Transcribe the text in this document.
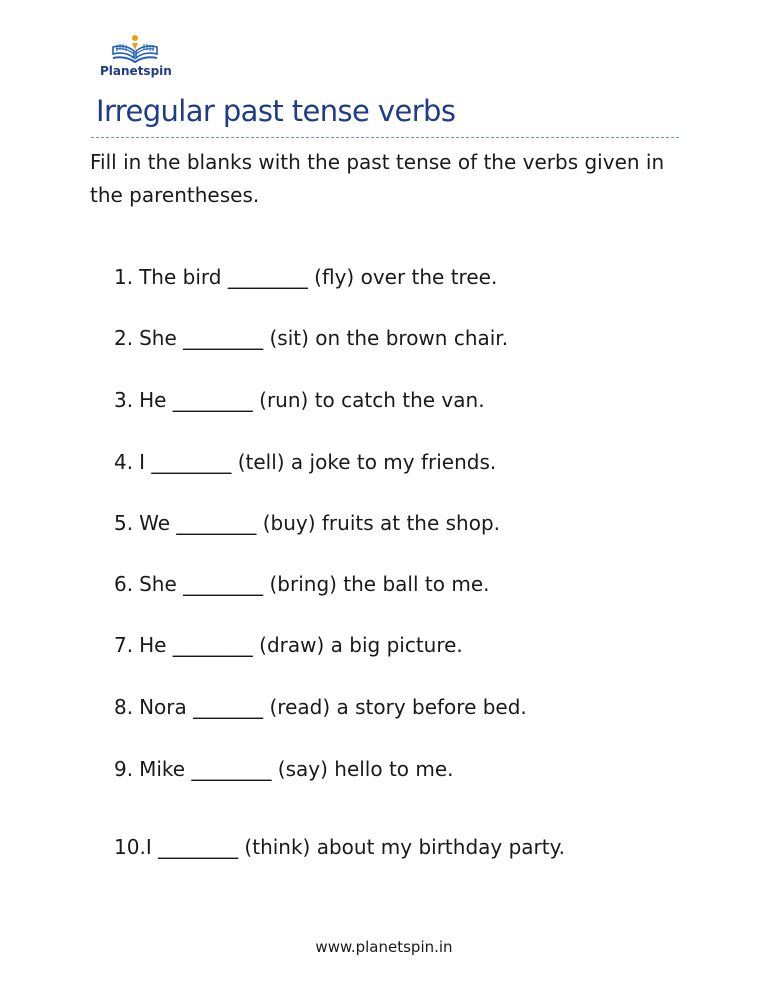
Planetspin
Irregular past tense verbs

Fill in the blanks with the past tense of the verbs given in the parentheses.

1. The bird ________ (fly) over the tree.
2. She ________ (sit) on the brown chair.
3. He ________ (run) to catch the van.
4. I ________ (tell) a joke to my friends.
5. We ________ (buy) fruits at the shop.
6. She ________ (bring) the ball to me.
7. He ________ (draw) a big picture.
8. Nora _______ (read) a story before bed.
9. Mike ________ (say) hello to me.
10.I ________ (think) about my birthday party.
www.planetspin.in
